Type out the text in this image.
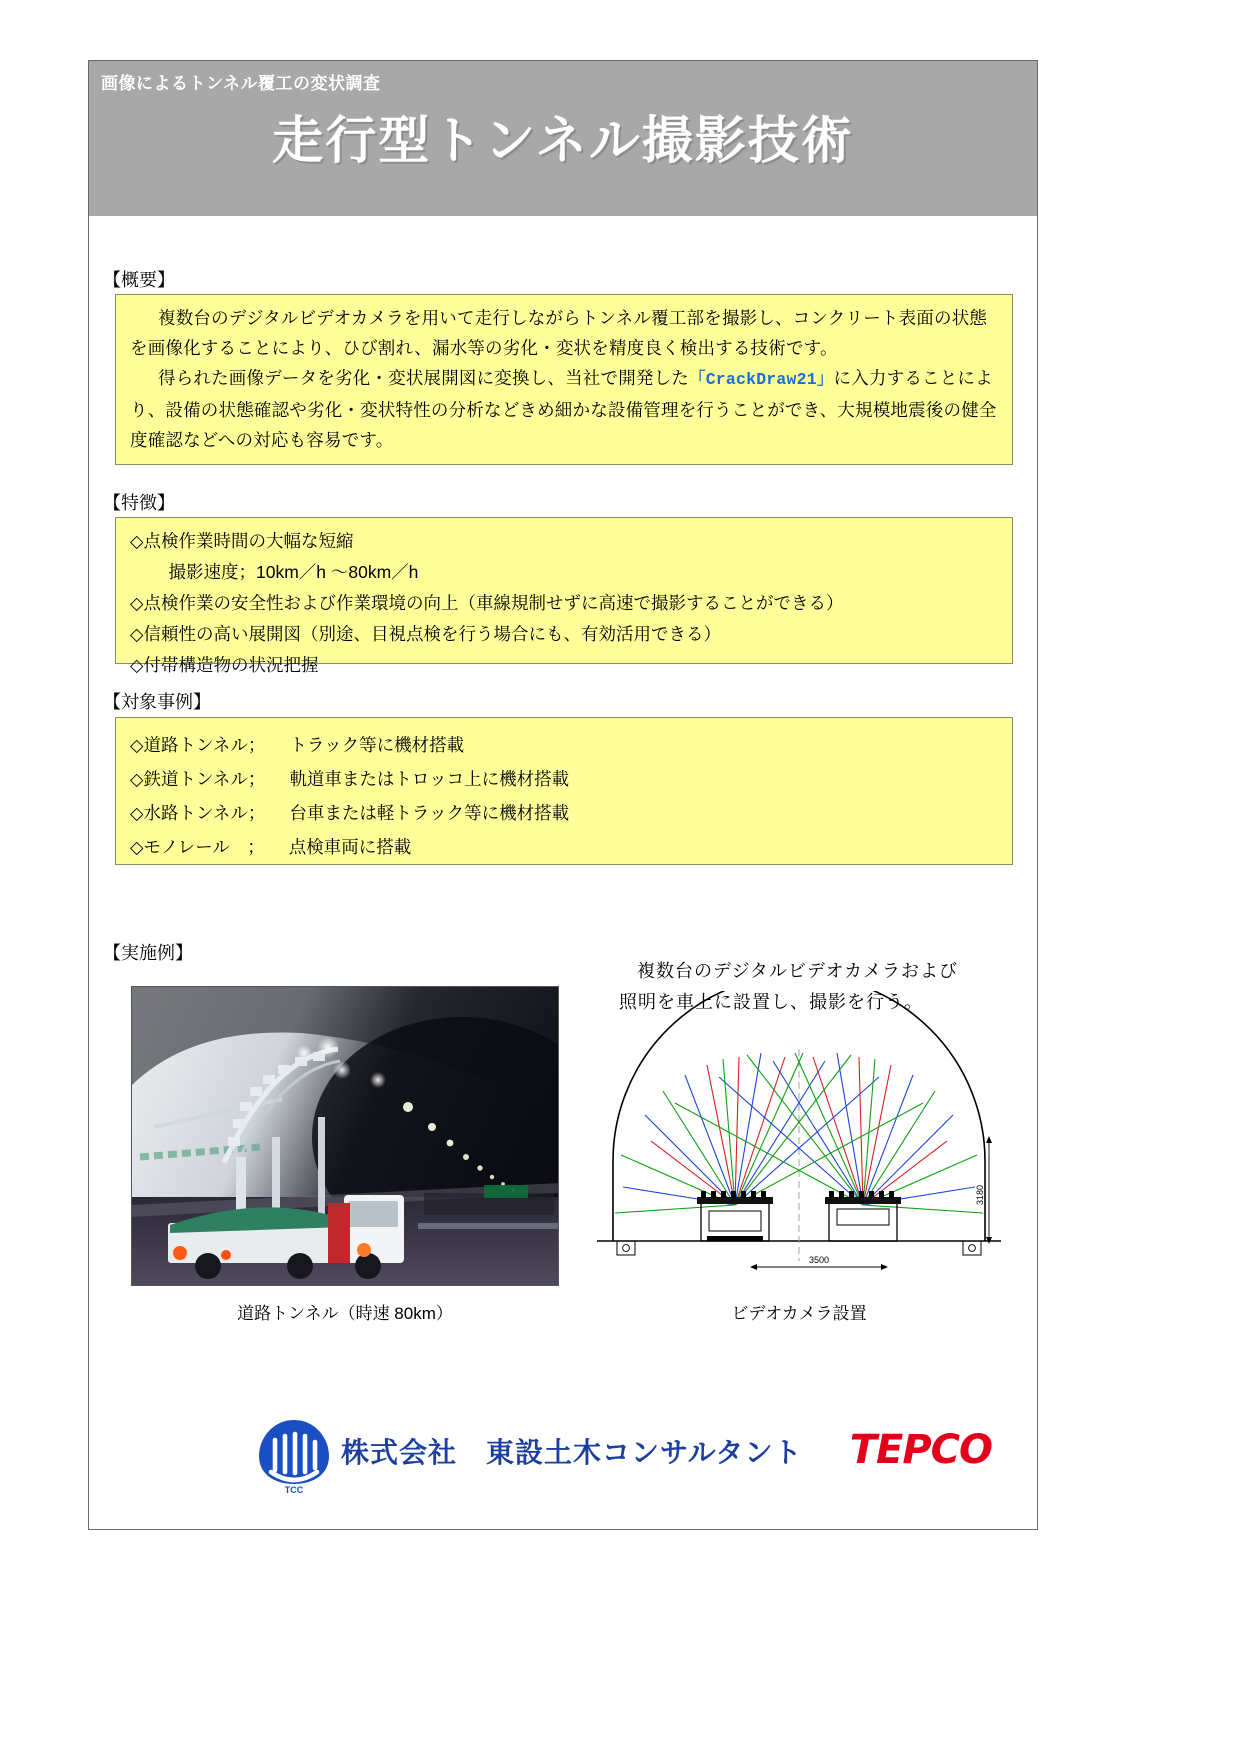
画像によるトンネル覆工の変状調査
走行型トンネル撮影技術
【概要】

複数台のデジタルビデオカメラを用いて走行しながらトンネル覆工部を撮影し、コンクリート表面の状態を画像化することにより、ひび割れ、漏水等の劣化・変状を精度良く検出する技術です。

得られた画像データを劣化・変状展開図に変換し、当社で開発した「CrackDraw21」に入力することにより、設備の状態確認や劣化・変状特性の分析などきめ細かな設備管理を行うことができ、大規模地震後の健全度確認などへの対応も容易です。

【特徴】
◇点検作業時間の大幅な短縮
撮影速度；10km／h ～80km／h
◇点検作業の安全性および作業環境の向上（車線規制せずに高速で撮影することができる）
◇信頼性の高い展開図（別途、目視点検を行う場合にも、有効活用できる）
◇付帯構造物の状況把握
【対象事例】
◇道路トンネル； トラック等に機材搭載
◇鉄道トンネル； 軌道車またはトロッコ上に機材搭載
◇水路トンネル； 台車または軽トラック等に機材搭載
◇モノレール　； 点検車両に搭載
【実施例】
複数台のデジタルビデオカメラおよび
照明を車上に設置し、撮影を行う。
道路トンネル（時速 80km）
3180
3500
ビデオカメラ設置
TCC
株式会社　東設土木コンサルタント TEPCO
